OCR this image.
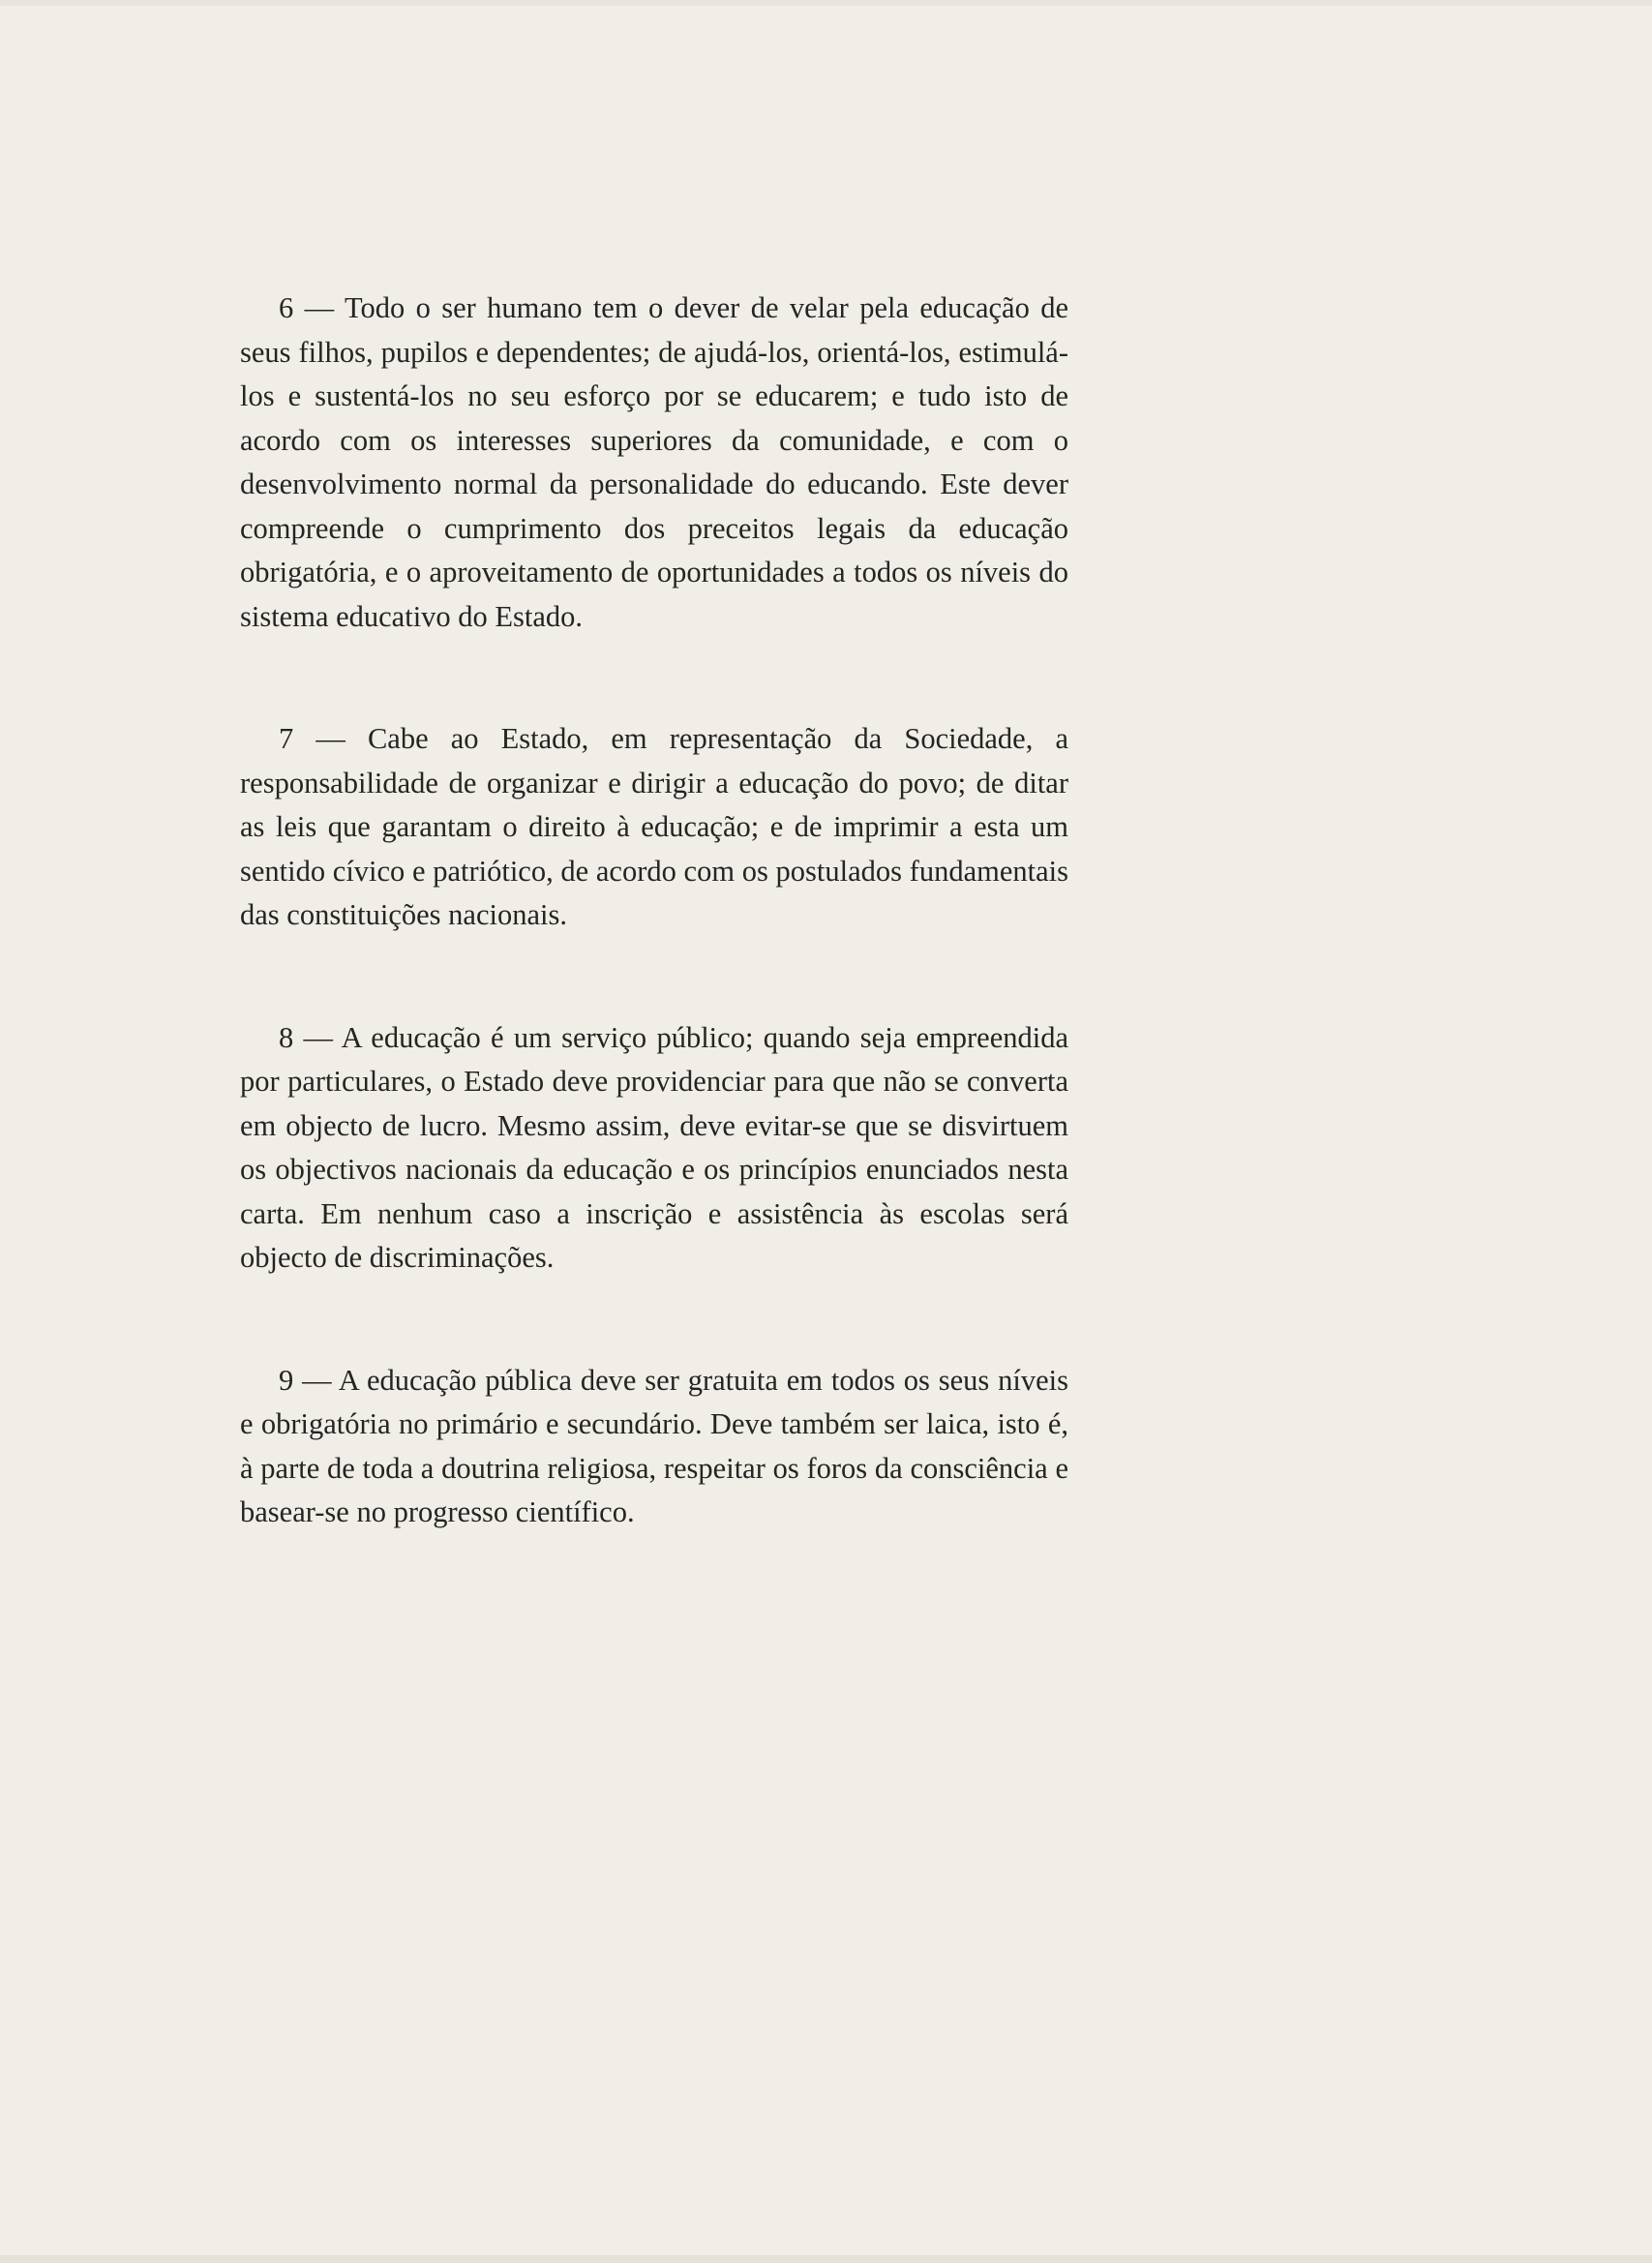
6 — Todo o ser humano tem o dever de velar pela educação de seus filhos, pupilos e dependentes; de ajudá-los, orientá-los, estimulá-los e sustentá-los no seu esforço por se educarem; e tudo isto de acordo com os interesses superiores da comunidade, e com o desenvolvimento normal da personalidade do educando. Este dever compreende o cumprimento dos preceitos legais da educação obrigatória, e o aproveitamento de oportunidades a todos os níveis do sistema educativo do Estado.

7 — Cabe ao Estado, em representação da Sociedade, a responsabilidade de organizar e dirigir a educação do povo; de ditar as leis que garantam o direito à educação; e de imprimir a esta um sentido cívico e patriótico, de acordo com os postulados fundamentais das constituições nacionais.

8 — A educação é um serviço público; quando seja empreendida por particulares, o Estado deve providenciar para que não se converta em objecto de lucro. Mesmo assim, deve evitar-se que se disvirtuem os objectivos nacionais da educação e os princípios enunciados nesta carta. Em nenhum caso a inscrição e assistência às escolas será objecto de discriminações.

9 — A educação pública deve ser gratuita em todos os seus níveis e obrigatória no primário e secundário. Deve também ser laica, isto é, à parte de toda a doutrina religiosa, respeitar os foros da consciência e basear-se no progresso científico.
